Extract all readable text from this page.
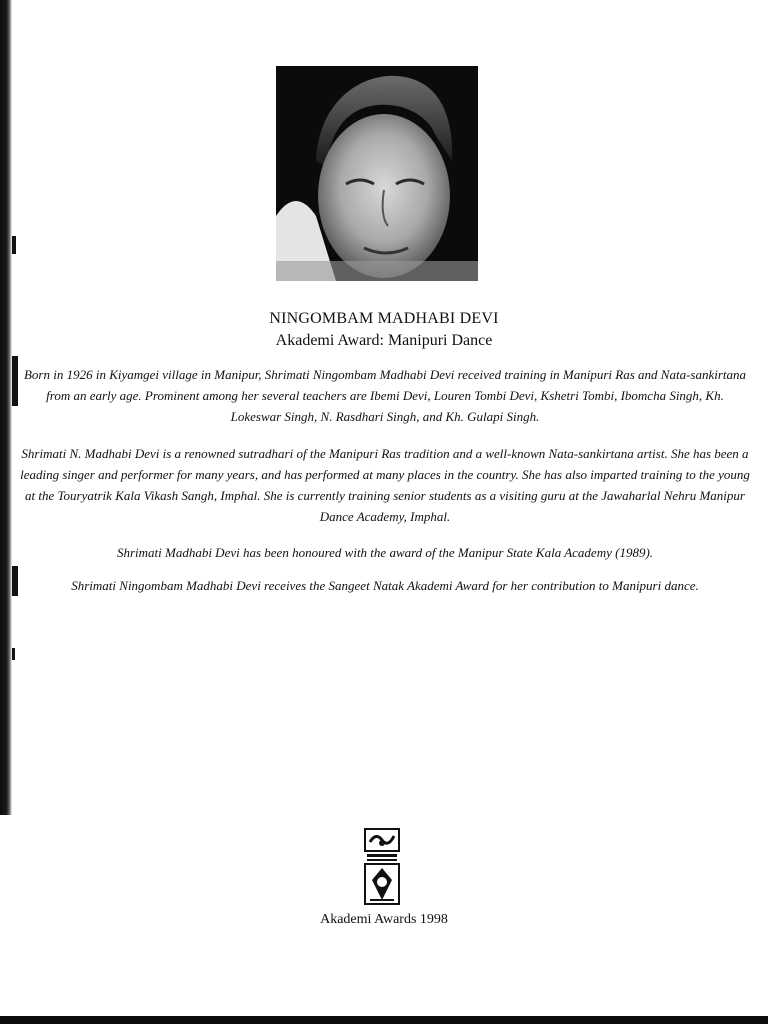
NINGOMBAM MADHABI DEVI
Akademi Award: Manipuri Dance

Born in 1926 in Kiyamgei village in Manipur, Shrimati Ningombam Madhabi Devi received training in Manipuri Ras and Nata-sankirtana from an early age. Prominent among her several teachers are Ibemi Devi, Louren Tombi Devi, Kshetri Tombi, Ibomcha Singh, Kh. Lokeswar Singh, N. Rasdhari Singh, and Kh. Gulapi Singh.

Shrimati N. Madhabi Devi is a renowned sutradhari of the Manipuri Ras tradition and a well-known Nata-sankirtana artist. She has been a leading singer and performer for many years, and has performed at many places in the country. She has also imparted training to the young at the Touryatrik Kala Vikash Sangh, Imphal. She is currently training senior students as a visiting guru at the Jawaharlal Nehru Manipur Dance Academy, Imphal.

Shrimati Madhabi Devi has been honoured with the award of the Manipur State Kala Academy (1989).

Shrimati Ningombam Madhabi Devi receives the Sangeet Natak Akademi Award for her contribution to Manipuri dance.

Akademi Awards 1998
